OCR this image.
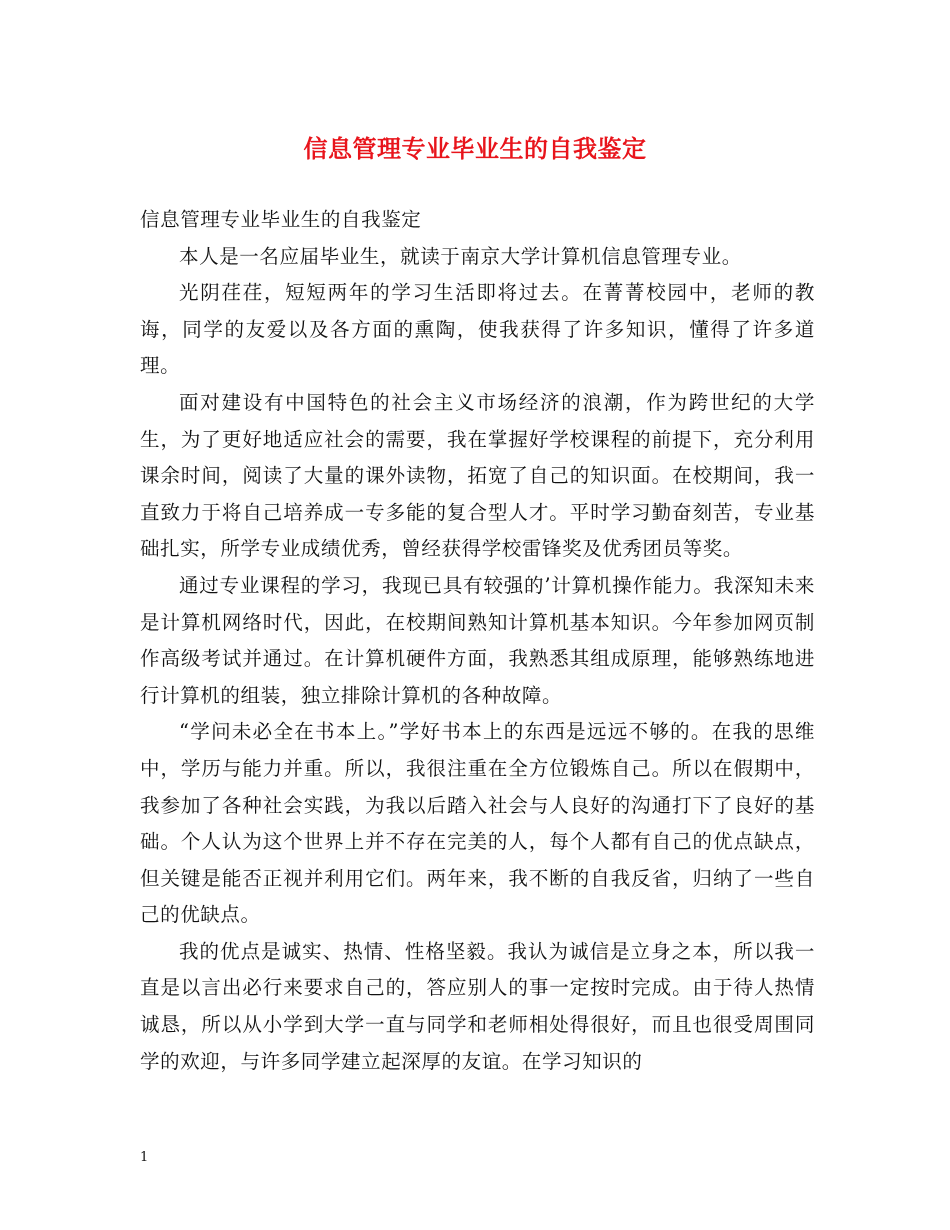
信息管理专业毕业生的自我鉴定

信息管理专业毕业生的自我鉴定

本人是一名应届毕业生，就读于南京大学计算机信息管理专业。

光阴荏荏，短短两年的学习生活即将过去。在菁菁校园中，老师的教诲，同学的友爱以及各方面的熏陶，使我获得了许多知识，懂得了许多道理。

面对建设有中国特色的社会主义市场经济的浪潮，作为跨世纪的大学生，为了更好地适应社会的需要，我在掌握好学校课程的前提下，充分利用课余时间，阅读了大量的课外读物，拓宽了自己的知识面。在校期间，我一直致力于将自己培养成一专多能的复合型人才。平时学习勤奋刻苦，专业基础扎实，所学专业成绩优秀，曾经获得学校雷锋奖及优秀团员等奖。

通过专业课程的学习，我现已具有较强的’计算机操作能力。我深知未来是计算机网络时代，因此，在校期间熟知计算机基本知识。今年参加网页制作高级考试并通过。在计算机硬件方面，我熟悉其组成原理，能够熟练地进行计算机的组装，独立排除计算机的各种故障。

“学问未必全在书本上。”学好书本上的东西是远远不够的。在我的思维中，学历与能力并重。所以，我很注重在全方位锻炼自己。所以在假期中，我参加了各种社会实践，为我以后踏入社会与人良好的沟通打下了良好的基础。个人认为这个世界上并不存在完美的人，每个人都有自己的优点缺点，但关键是能否正视并利用它们。两年来，我不断的自我反省，归纳了一些自己的优缺点。

我的优点是诚实、热情、性格坚毅。我认为诚信是立身之本，所以我一直是以言出必行来要求自己的，答应别人的事一定按时完成。由于待人热情诚恳，所以从小学到大学一直与同学和老师相处得很好，而且也很受周围同学的欢迎，与许多同学建立起深厚的友谊。在学习知识的

1
